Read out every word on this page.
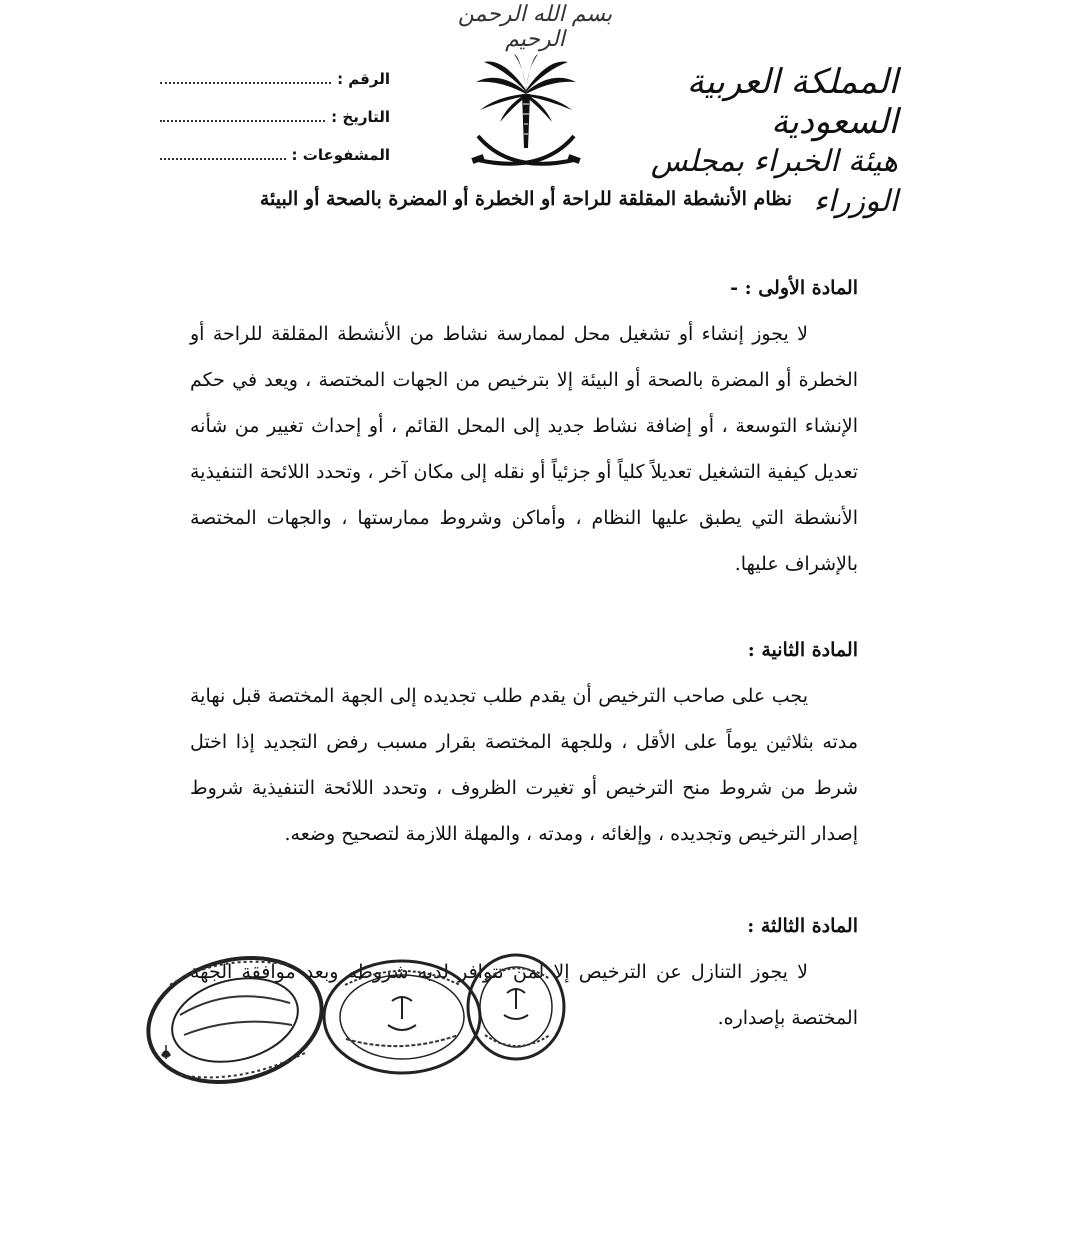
بسم الله الرحمن الرحيم
المملكة العربية السعودية
هيئة الخبراء بمجلس الوزراء
الرقم :
التاريخ :
المشفوعات :
نظام الأنشطة المقلقة للراحة أو الخطرة أو المضرة بالصحة أو البيئة
المادة الأولى : -

لا يجوز إنشاء أو تشغيل محل لممارسة نشاط من الأنشطة المقلقة للراحة أو الخطرة أو المضرة بالصحة أو البيئة إلا بترخيص من الجهات المختصة ، ويعد في حكم الإنشاء التوسعة ، أو إضافة نشاط جديد إلى المحل القائم ، أو إحداث تغيير من شأنه تعديل كيفية التشغيل تعديلاً كلياً أو جزئياً أو نقله إلى مكان آخر ، وتحدد اللائحة التنفيذية الأنشطة التي يطبق عليها النظام ، وأماكن وشروط ممارستها ، والجهات المختصة بالإشراف عليها.

المادة الثانية :

يجب على صاحب الترخيص أن يقدم طلب تجديده إلى الجهة المختصة قبل نهاية مدته بثلاثين يوماً على الأقل ، وللجهة المختصة بقرار مسبب رفض التجديد إذا اختل شرط من شروط منح الترخيص أو تغيرت الظروف ، وتحدد اللائحة التنفيذية شروط إصدار الترخيص وتجديده ، وإلغائه ، ومدته ، والمهلة اللازمة لتصحيح وضعه.

المادة الثالثة :

لا يجوز التنازل عن الترخيص إلا لمن تتوافر لديه شروطه وبعد موافقة الجهة المختصة بإصداره.
